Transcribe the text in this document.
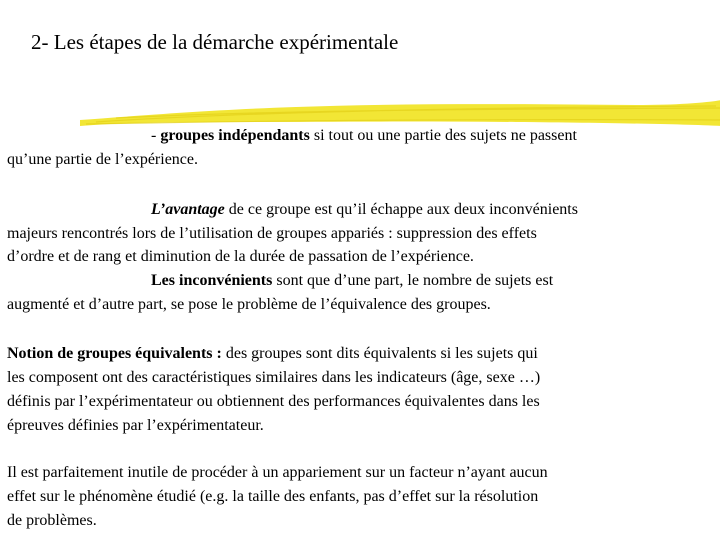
2- Les étapes de la démarche expérimentale
- groupes indépendants si tout ou une partie des sujets ne passent
qu’une partie de l’expérience.
L’avantage de ce groupe est qu’il échappe aux deux inconvénients
majeurs rencontrés lors de l’utilisation de groupes appariés : suppression des effets
d’ordre et de rang et diminution de la durée de passation de l’expérience.
Les inconvénients sont que d’une part, le nombre de sujets est
augmenté et d’autre part, se pose le problème de l’équivalence des groupes.
Notion de groupes équivalents : des groupes sont dits équivalents si les sujets qui
les composent ont des caractéristiques similaires dans les indicateurs (âge, sexe …)
définis par l’expérimentateur ou obtiennent des performances équivalentes dans les
épreuves définies par l’expérimentateur.
Il est parfaitement inutile de procéder à un appariement sur un facteur n’ayant aucun
effet sur le phénomène étudié (e.g. la taille des enfants, pas d’effet sur la résolution
de problèmes.
